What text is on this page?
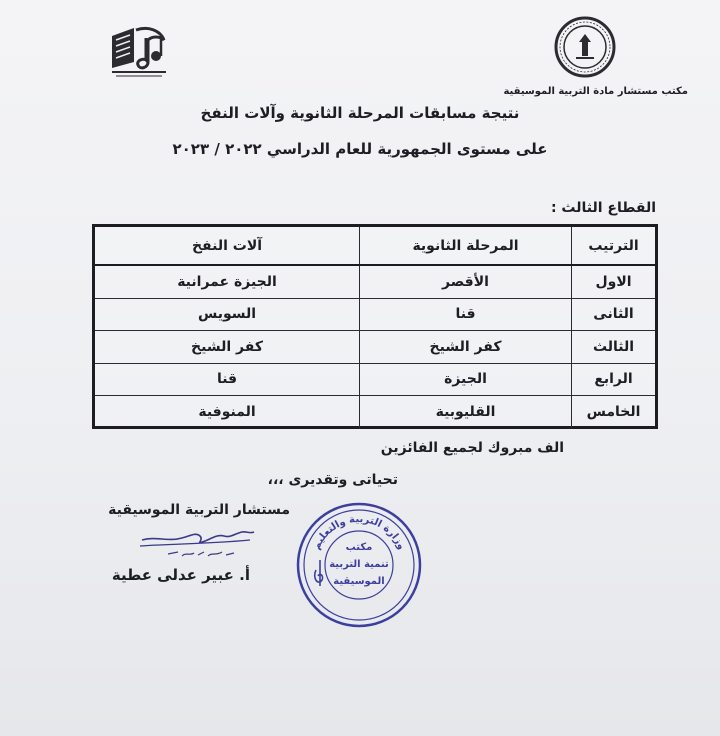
مكتب مستشار مادة التربية الموسيقية
نتيجة مسابقات المرحلة الثانوية وآلات النفخ
على مستوى الجمهورية للعام الدراسي ٢٠٢٢ / ٢٠٢٣
القطاع الثالث :
الترتيب
المرحلة الثانوية
آلات النفخ
الاول
الأقصر
الجيزة عمرانية
الثانى
قنا
السويس
الثالث
كفر الشيخ
كفر الشيخ
الرابع
الجيزة
قنا
الخامس
القليوبية
المنوفية
الف مبروك لجميع الفائزين
تحياتى وتقديرى ،،،
مستشار التربية الموسيقية
أ. عبير عدلى عطية
وزارة التربية والتعليم
مكتب
تنمية التربية
الموسيقية
